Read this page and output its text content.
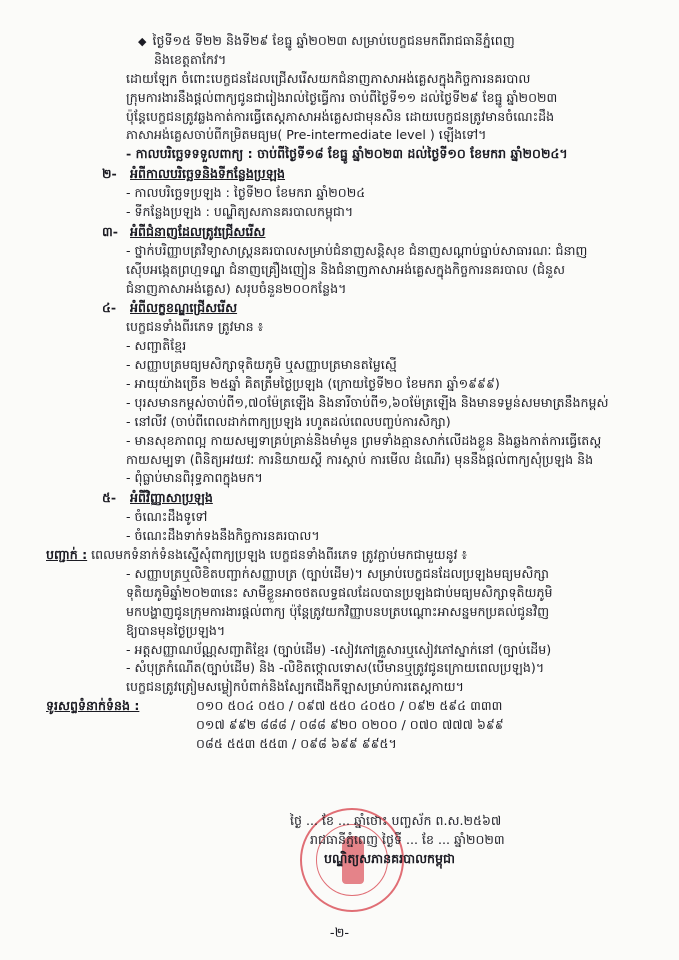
◆ ថ្ងៃទី១៥ ទី២២ និងទី២៩ ខែធ្នូ ឆ្នាំ២០២៣ សម្រាប់បេក្ខជនមកពីរាជធានីភ្នំពេញ
និងខេត្តតាកែវ។
ដោយឡែក ចំពោះបេក្ខជនដែលជ្រើសរើសយកជំនាញភាសាអង់គ្លេសក្នុងកិច្ចការនគរបាល
ក្រុមការងារនឹងផ្តល់ពាក្យជូនជារៀងរាល់ថ្ងៃធ្វើការ ចាប់ពីថ្ងៃទី១១ ដល់ថ្ងៃទី២៩ ខែធ្នូ ឆ្នាំ២០២៣
ប៉ុន្តែបេក្ខជនត្រូវឆ្លងកាត់ការធ្វើតេស្តភាសាអង់គ្លេសជាមុនសិន ដោយបេក្ខជនត្រូវមានចំណេះដឹង
ភាសាអង់គ្លេសចាប់ពីកម្រិតមធ្យម( Pre-intermediate level ) ឡើងទៅ។
- កាលបរិច្ឆេទទទួលពាក្យ : ចាប់ពីថ្ងៃទី១៨ ខែធ្នូ ឆ្នាំ២០២៣ ដល់ថ្ងៃទី១០ ខែមករា ឆ្នាំ២០២៤។
២- អំពីកាលបរិច្ឆេទនិងទីកន្លែងប្រឡង
- កាលបរិច្ឆេទប្រឡង : ថ្ងៃទី២០ ខែមករា ឆ្នាំ២០២៤
- ទីកន្លែងប្រឡង : បណ្ឌិត្យសភានគរបាលកម្ពុជា។
៣- អំពីជំនាញដែលត្រូវជ្រើសរើស
- ថ្នាក់បរិញ្ញាបត្រវិទ្យាសាស្ត្រនគរបាលសម្រាប់ជំនាញសន្តិសុខ ជំនាញសណ្តាប់ធ្នាប់សាធារណៈ ជំនាញ
ស៊ើបអង្កេតព្រហ្មទណ្ឌ ជំនាញគ្រឿងញៀន និងជំនាញភាសាអង់គ្លេសក្នុងកិច្ចការនគរបាល (ជំនួស
ជំនាញភាសាអង់គ្លេស) សរុបចំនួន២០០កន្លែង។
៤- អំពីលក្ខខណ្ឌជ្រើសរើស
បេក្ខជនទាំងពីរភេទ ត្រូវមាន ៖
- សញ្ជាតិខ្មែរ
- សញ្ញាបត្រមធ្យមសិក្សាទុតិយភូមិ ឬសញ្ញាបត្រមានតម្លៃស្មើ
- អាយុយ៉ាងច្រើន ២៥ឆ្នាំ គិតត្រឹមថ្ងៃប្រឡង (ក្រោយថ្ងៃទី២០ ខែមករា ឆ្នាំ១៩៩៩)
- បុរសមានកម្ពស់ចាប់ពី១,៧០ម៉ែត្រឡើង និងនារីចាប់ពី១,៦០ម៉ែត្រឡើង និងមានទម្ងន់សមមាត្រនឹងកម្ពស់
- នៅលីវ (ចាប់ពីពេលដាក់ពាក្យប្រឡង រហូតដល់ពេលបញ្ចប់ការសិក្សា)
- មានសុខភាពល្អ កាយសម្បទាគ្រប់គ្រាន់និងមាំមួន ព្រមទាំងគ្មានសាក់លើដងខ្លួន និងឆ្លងកាត់ការធ្វើតេស្ត
កាយសម្បទា (ពិនិត្យអវយវៈ ការនិយាយស្តី ការស្តាប់ ការមើល ដំណើរ) មុននឹងផ្តល់ពាក្យសុំប្រឡង និង
- ពុំធ្លាប់មានពិរុទ្ធភាពក្នុងមក។
៥- អំពីវិញ្ញាសាប្រឡង
- ចំណេះដឹងទូទៅ
- ចំណេះដឹងទាក់ទងនឹងកិច្ចការនគរបាល។
បញ្ជាក់ : ពេលមកទំនាក់ទំនងស្នើសុំពាក្យប្រឡង បេក្ខជនទាំងពីរភេទ ត្រូវភ្ជាប់មកជាមួយនូវ ៖
- សញ្ញាបត្រឬលិខិតបញ្ជាក់សញ្ញាបត្រ (ច្បាប់ដើម)។ សម្រាប់បេក្ខជនដែលប្រឡងមធ្យមសិក្សា
ទុតិយភូមិឆ្នាំ២០២៣នេះ សាមីខ្លួនអាចថតលទ្ធផលដែលបានប្រឡងជាប់មធ្យមសិក្សាទុតិយភូមិ
មកបង្ហាញជូនក្រុមការងារផ្តល់ពាក្យ ប៉ុន្តែត្រូវយកវិញ្ញាបនបត្របណ្តោះអាសន្នមកប្រគល់ជូនវិញ
ឱ្យបានមុនថ្ងៃប្រឡង។
- អត្តសញ្ញាណប័ណ្ណសញ្ជាតិខ្មែរ (ច្បាប់ដើម) -សៀវភៅគ្រួសារឬសៀវភៅស្នាក់នៅ (ច្បាប់ដើម)
- សំបុត្រកំណើត(ច្បាប់ដើម) និង -លិខិតថ្កោលទោស(បើមានឬត្រូវជូនក្រោយពេលប្រឡង)។
បេក្ខជនត្រូវត្រៀមសម្លៀកបំពាក់និងស្បែកជើងកីឡាសម្រាប់ការតេស្តកាយ។
ទូរសព្ទទំនាក់ទំនង :	០១០ ៥០៤ ០៥០ / ០៩៧ ៥៥០ ៤០៥០ / ០៩២ ៥៩៤ ៣៣៣
០១៧ ៩៩២ ៨៨៨ / ០៨៨ ៩២០ ០២០០ / ០៧០ ៧៧៧ ៦៩៩
០៨៥ ៥៥៣ ៥៥៣ / ០៩៨ ៦៩៩ ៩៩៥។
ថ្ងៃ ... ខែ ... ឆ្នាំថោះ បញ្ចស័ក ព.ស.២៥៦៧
រាជធានីភ្នំពេញ ថ្ងៃទី ... ខែ ... ឆ្នាំ២០២៣
បណ្ឌិត្យសភានគរបាលកម្ពុជា
-២-
